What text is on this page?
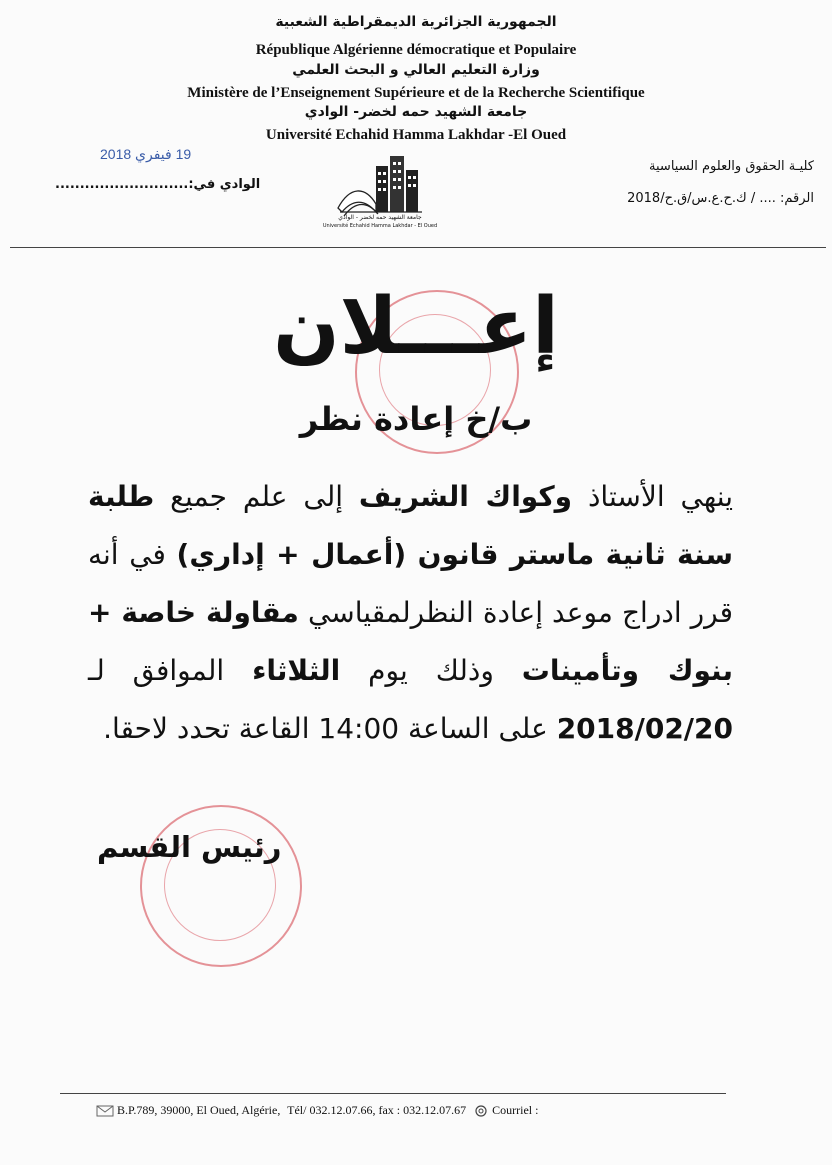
الجمهورية الجزائرية الديمقراطية الشعبية
République Algérienne démocratique et Populaire
وزارة التعليم العالي و البحث العلمي
Ministère de l’Enseignement Supérieure et de la Recherche Scientifique
جامعة الشهيد حمه لخضر- الوادي
Université Echahid Hamma Lakhdar -El Oued
19 فيفري 2018
الوادي في:...........................
كليـة الحقوق والعلوم السياسية
الرقم: .... / ك.ح.ع.س/ق.ح/2018
جامعة الشهيد حمه لخضر - الوادي
Université Echahid Hamma Lakhdar - El Oued
إعـــلان
ب/خ إعادة نظر
ينهي الأستاذ وكواك الشريف إلى علم جميع طلبة سنة ثانية ماستر قانون (أعمال + إداري) في أنه قرر ادراج موعد إعادة النظرلمقياسي مقاولة خاصة + بنوك وتأمينات وذلك يوم الثلاثاء الموافق لـ 2018/02/20 على الساعة 14:00 القاعة تحدد لاحقا.
رئيس القسم
B.P.789, 39000, El Oued, Algérie, Tél/ 032.12.07.66, fax : 032.12.07.67 Courriel :
